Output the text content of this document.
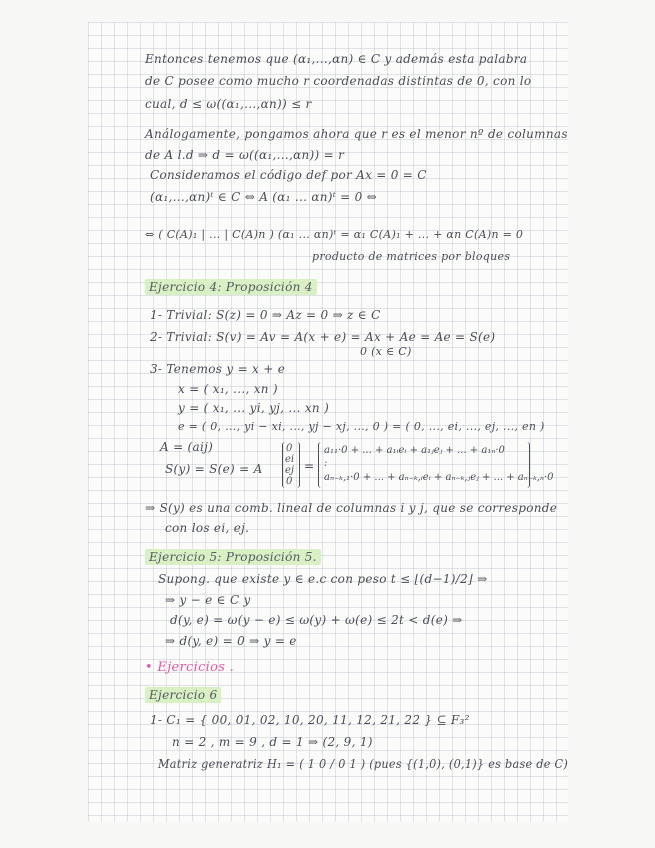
Entonces tenemos que (α₁,...,αn) ∈ C y además esta palabra
de C posee como mucho r coordenadas distintas de 0, con lo
cual, d ≤ ω((α₁,...,αn)) ≤ r
Análogamente, pongamos ahora que r es el menor nº de columnas
de A l.d ⇒ d = ω((α₁,...,αn)) = r
Consideramos el código def por Ax = 0 = C
(α₁,...,αn)ᵗ ∈ C ⇔ A (α₁ ... αn)ᵗ = 0 ⇔
⇔ ( C(A)₁ | ... | C(A)n ) (α₁ ... αn)ᵗ = α₁ C(A)₁ + ... + αn C(A)n = 0
producto de matrices por bloques
Ejercicio 4: Proposición 4
1- Trivial: S(z) = 0 ⇒ Az = 0 ⇒ z ∈ C
2- Trivial: S(v) = Av = A(x + e) = Ax + Ae = Ae = S(e)
0 (x ∈ C)
3- Tenemos y = x + e
x = ( x₁, ..., xn )
y = ( x₁, ... yi, yj, ... xn )
e = ( 0, ..., yi − xi, ..., yj − xj, ..., 0 ) = ( 0, ..., ei, ..., ej, ..., en )
A = (aij)
S(y) = S(e) = A
0
ei
ej
0
=
a₁₁·0 + ... + a₁ᵢeᵢ + a₁ⱼeⱼ + ... + a₁ₙ·0
:
aₙ₋ₖ,₁·0 + ... + aₙ₋ₖ,ᵢeᵢ + aₙ₋ₖ,ⱼeⱼ + ... + aₙ₋ₖ,ₙ·0
⇒ S(y) es una comb. lineal de columnas i y j, que se corresponde
con los ei, ej.
Ejercicio 5: Proposición 5.
Supong. que existe y ∈ e.c con peso t ≤ ⌊(d−1)/2⌋ ⇒
⇒ y − e ∈ C y
d(y, e) = ω(y − e) ≤ ω(y) + ω(e) ≤ 2t < d(e) ⇒
⇒ d(y, e) = 0 ⇒ y = e
• Ejercicios .
Ejercicio 6
1- C₁ = { 00, 01, 02, 10, 20, 11, 12, 21, 22 } ⊆ F₃²
n = 2 , m = 9 , d = 1 ⇒ (2, 9, 1)
Matriz generatriz H₁ = ( 1 0 / 0 1 ) (pues {(1,0), (0,1)} es base de C)
